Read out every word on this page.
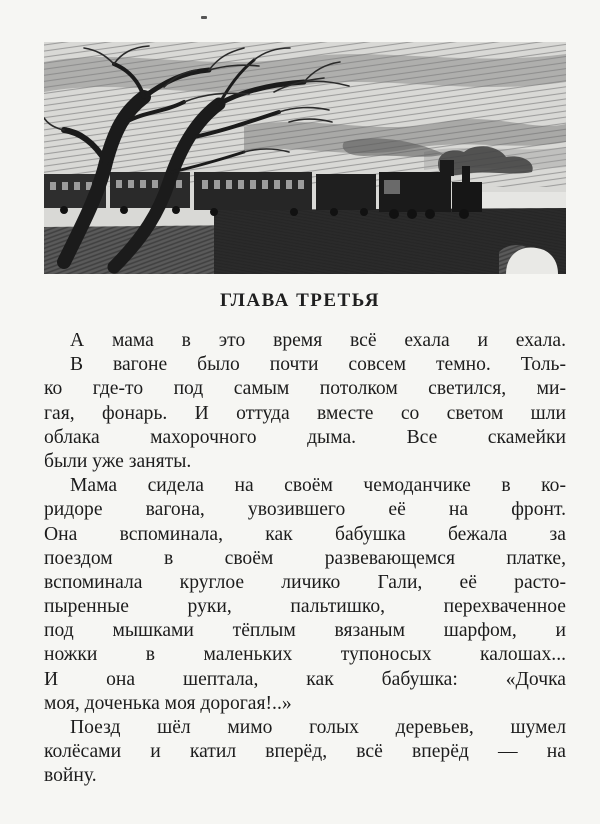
ГЛАВА ТРЕТЬЯ
А мама в это время всё ехала и ехала.
В вагоне было почти совсем темно. Толь-
ко где-то под самым потолком светился, ми-
гая, фонарь. И оттуда вместе со светом шли
облака махорочного дыма. Все скамейки
были уже заняты.
Мама сидела на своём чемоданчике в ко-
ридоре вагона, увозившего её на фронт.
Она вспоминала, как бабушка бежала за
поездом в своём развевающемся платке,
вспоминала круглое личико Гали, её расто-
пыренные руки, пальтишко, перехваченное
под мышками тёплым вязаным шарфом, и
ножки в маленьких тупоносых калошах...
И она шептала, как бабушка: «Дочка
моя, доченька моя дорогая!..»
Поезд шёл мимо голых деревьев, шумел
колёсами и катил вперёд, всё вперёд — на
войну.
